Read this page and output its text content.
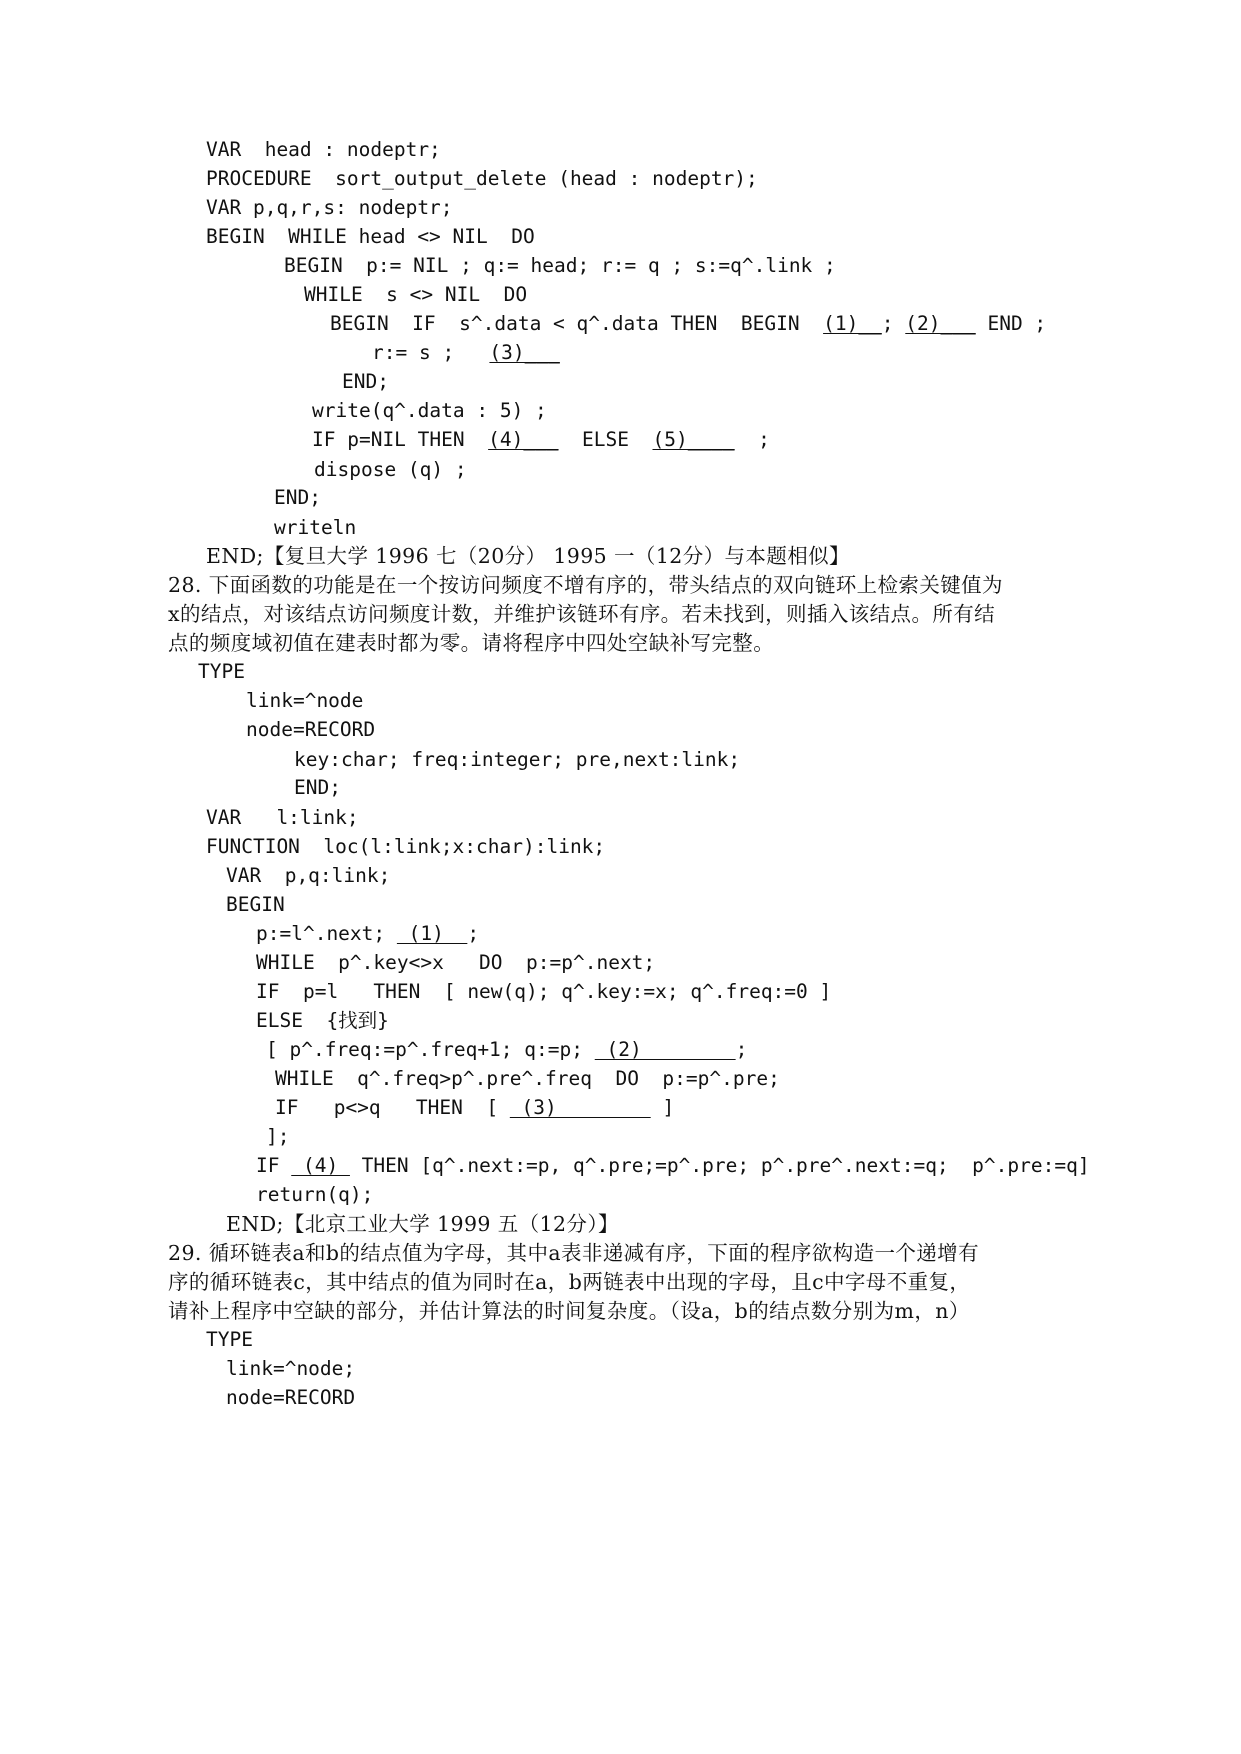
VAR  head : nodeptr;
PROCEDURE  sort_output_delete (head : nodeptr);
VAR p,q,r,s: nodeptr;
BEGIN  WHILE head <> NIL  DO
BEGIN  p:= NIL ; q:= head; r:= q ; s:=q^.link ;
WHILE  s <> NIL  DO
BEGIN  IF  s^.data < q^.data THEN  BEGIN  (1)__; (2)___ END ;
r:= s ;   (3)___
END;
write(q^.data : 5) ;
IF p=NIL THEN  (4)___  ELSE  (5)____  ;
dispose (q) ;
END;
writeln
END;【复旦大学 1996 七（20分） 1995 一（12分）与本题相似】
28. 下面函数的功能是在一个按访问频度不增有序的，带头结点的双向链环上检索关键值为
x的结点，对该结点访问频度计数，并维护该链环有序。若未找到，则插入该结点。所有结
点的频度域初值在建表时都为零。请将程序中四处空缺补写完整。
TYPE
link=^node
node=RECORD
key:char; freq:integer; pre,next:link;
END;
VAR   l:link;
FUNCTION  loc(l:link;x:char):link;
VAR  p,q:link;
BEGIN
p:=l^.next;  (1)  ;
WHILE  p^.key<>x   DO  p:=p^.next;
IF  p=l   THEN  [ new(q); q^.key:=x; q^.freq:=0 ]
ELSE  {找到}
[ p^.freq:=p^.freq+1; q:=p;  (2)        ;
WHILE  q^.freq>p^.pre^.freq  DO  p:=p^.pre;
IF   p<>q   THEN  [  (3)         ]
];
IF  (4)  THEN [q^.next:=p, q^.pre;=p^.pre; p^.pre^.next:=q;  p^.pre:=q]
return(q);
END;【北京工业大学 1999 五（12分）】
29. 循环链表a和b的结点值为字母，其中a表非递减有序，下面的程序欲构造一个递增有
序的循环链表c，其中结点的值为同时在a，b两链表中出现的字母，且c中字母不重复，
请补上程序中空缺的部分，并估计算法的时间复杂度。（设a，b的结点数分别为m，n）
TYPE
link=^node;
node=RECORD
